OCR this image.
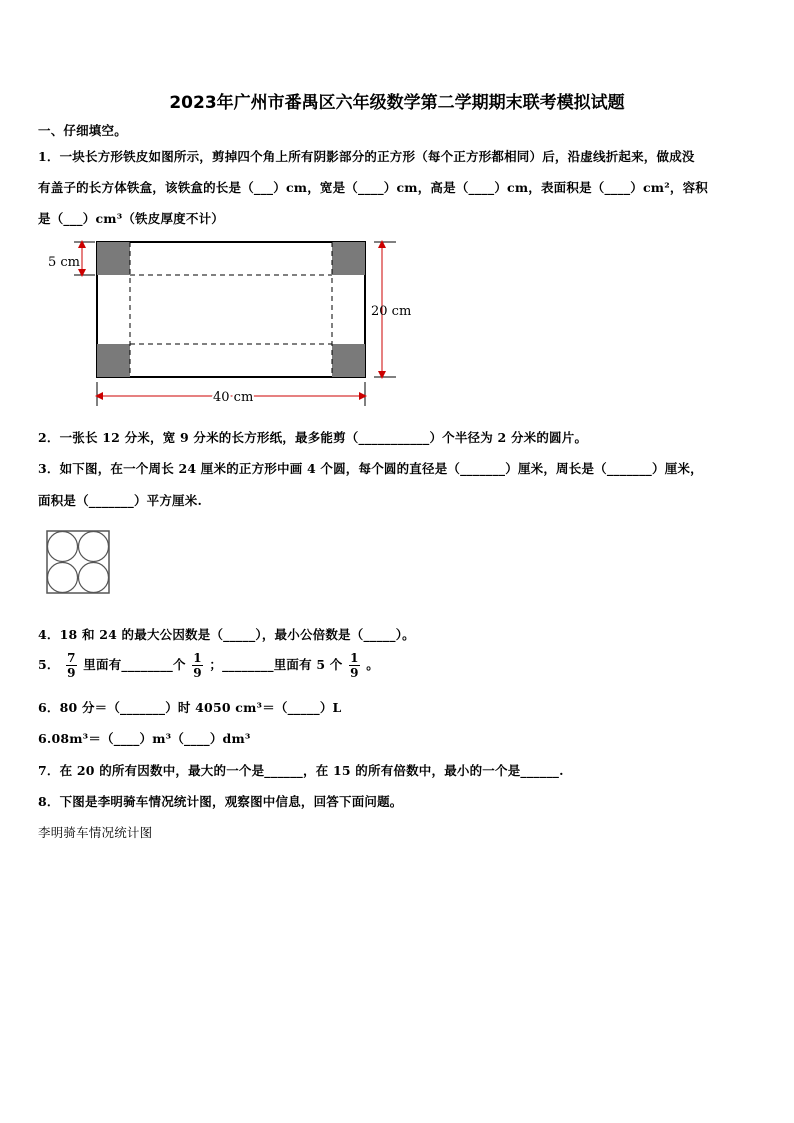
2023年广州市番禺区六年级数学第二学期期末联考模拟试题
一、仔细填空。
1．一块长方形铁皮如图所示，剪掉四个角上所有阴影部分的正方形（每个正方形都相同）后，沿虚线折起来，做成没
有盖子的长方体铁盒，该铁盒的长是（___）cm，宽是（____）cm，高是（____）cm，表面积是（____）cm²，容积
是（___）cm³（铁皮厚度不计）
5 cm
20 cm
40 cm
2．一张长 12 分米，宽 9 分米的长方形纸，最多能剪（___________）个半径为 2 分米的圆片。
3．如下图，在一个周长 24 厘米的正方形中画 4 个圆，每个圆的直径是（_______）厘米，周长是（_______）厘米，
面积是（_______）平方厘米.
4．18 和 24 的最大公因数是（_____），最小公倍数是（_____）。
5． $\frac{7}{9}$ 里面有________个 $\frac{1}{9}$ ；________里面有 5 个 $\frac{1}{9}$ 。
6．80 分＝（_______）时 4050 cm³＝（_____）L
6.08m³＝（____）m³（____）dm³
7．在 20 的所有因数中，最大的一个是______，在 15 的所有倍数中，最小的一个是______.
8．下图是李明骑车情况统计图，观察图中信息，回答下面问题。
李明骑车情况统计图
